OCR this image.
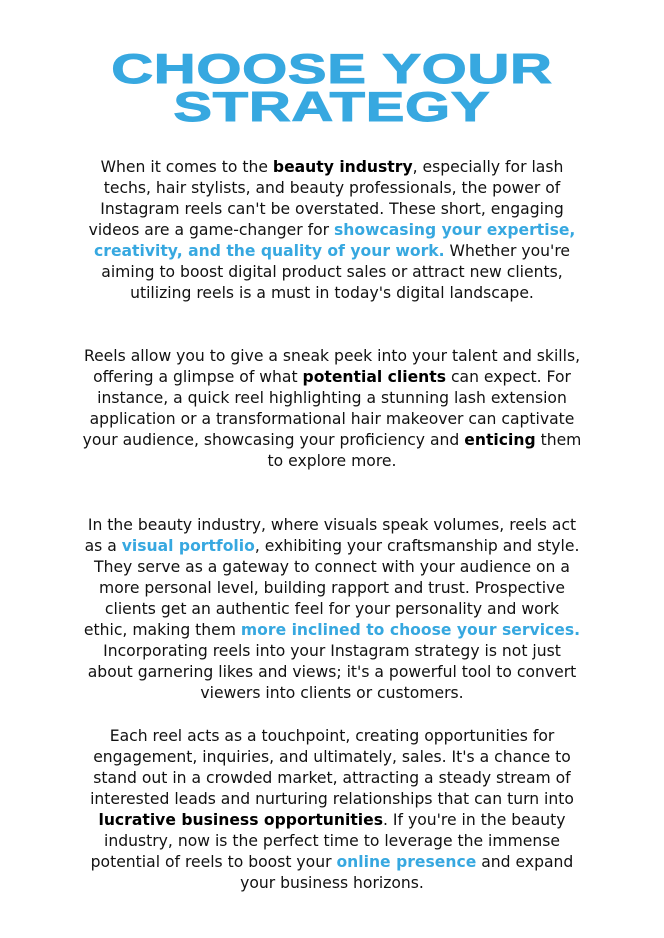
CHOOSE YOUR
STRATEGY
When it comes to the beauty industry, especially for lash
techs, hair stylists, and beauty professionals, the power of
Instagram reels can't be overstated. These short, engaging
videos are a game-changer for showcasing your expertise,
creativity, and the quality of your work. Whether you're
aiming to boost digital product sales or attract new clients,
utilizing reels is a must in today's digital landscape.
Reels allow you to give a sneak peek into your talent and skills,
offering a glimpse of what potential clients can expect. For
instance, a quick reel highlighting a stunning lash extension
application or a transformational hair makeover can captivate
your audience, showcasing your proficiency and enticing them
to explore more.
In the beauty industry, where visuals speak volumes, reels act
as a visual portfolio, exhibiting your craftsmanship and style.
They serve as a gateway to connect with your audience on a
more personal level, building rapport and trust. Prospective
clients get an authentic feel for your personality and work
ethic, making them more inclined to choose your services.
Incorporating reels into your Instagram strategy is not just
about garnering likes and views; it's a powerful tool to convert
viewers into clients or customers.
Each reel acts as a touchpoint, creating opportunities for
engagement, inquiries, and ultimately, sales. It's a chance to
stand out in a crowded market, attracting a steady stream of
interested leads and nurturing relationships that can turn into
lucrative business opportunities. If you're in the beauty
industry, now is the perfect time to leverage the immense
potential of reels to boost your online presence and expand
your business horizons.
